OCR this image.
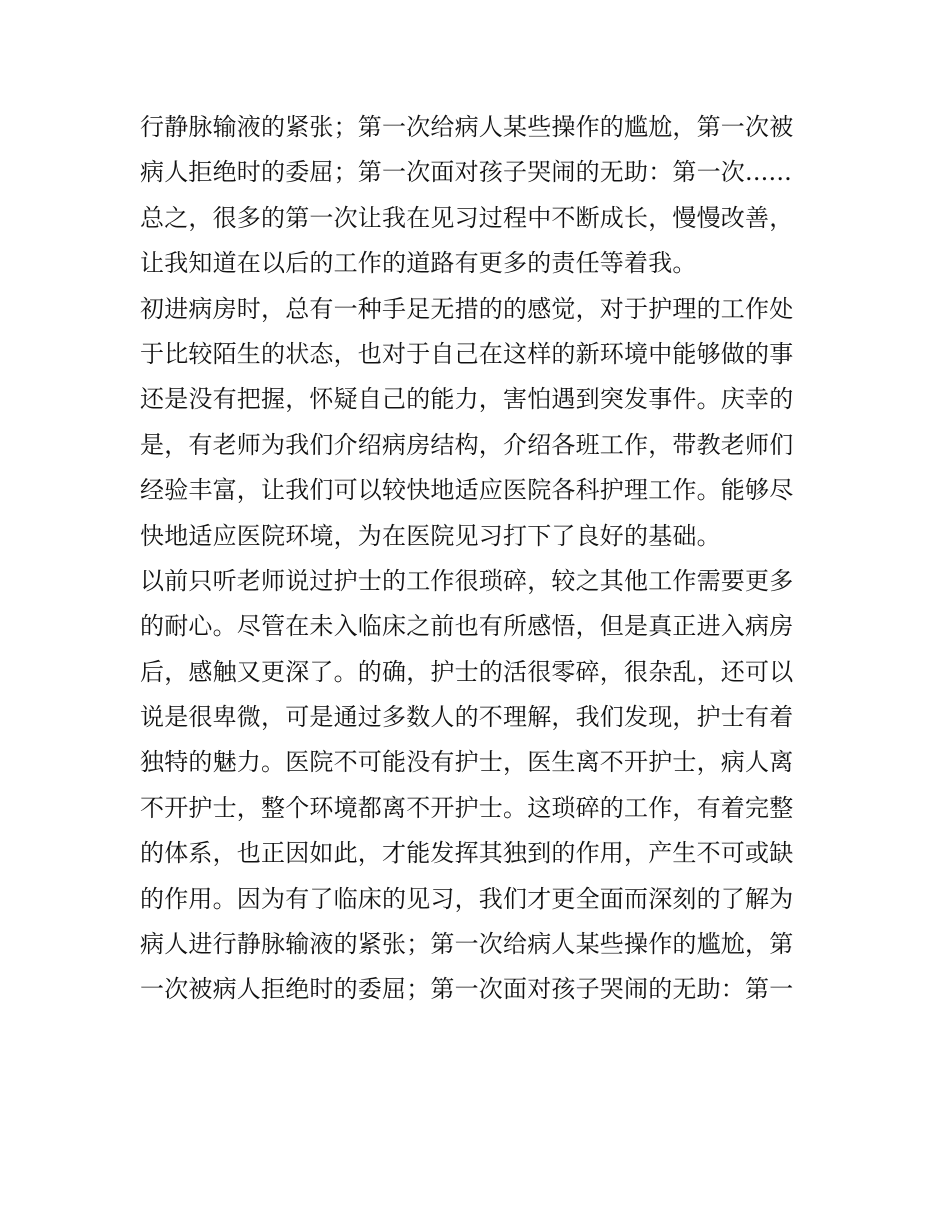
行静脉输液的紧张；第一次给病人某些操作的尴尬，第一次被
病人拒绝时的委屈；第一次面对孩子哭闹的无助：第一次......
总之，很多的第一次让我在见习过程中不断成长，慢慢改善，
让我知道在以后的工作的道路有更多的责任等着我。
初进病房时，总有一种手足无措的的感觉，对于护理的工作处
于比较陌生的状态，也对于自己在这样的新环境中能够做的事
还是没有把握，怀疑自己的能力，害怕遇到突发事件。庆幸的
是，有老师为我们介绍病房结构，介绍各班工作，带教老师们
经验丰富，让我们可以较快地适应医院各科护理工作。能够尽
快地适应医院环境，为在医院见习打下了良好的基础。
以前只听老师说过护士的工作很琐碎，较之其他工作需要更多
的耐心。尽管在未入临床之前也有所感悟，但是真正进入病房
后，感触又更深了。的确，护士的活很零碎，很杂乱，还可以
说是很卑微，可是通过多数人的不理解，我们发现，护士有着
独特的魅力。医院不可能没有护士，医生离不开护士，病人离
不开护士，整个环境都离不开护士。这琐碎的工作，有着完整
的体系，也正因如此，才能发挥其独到的作用，产生不可或缺
的作用。因为有了临床的见习，我们才更全面而深刻的了解为
病人进行静脉输液的紧张；第一次给病人某些操作的尴尬，第
一次被病人拒绝时的委屈；第一次面对孩子哭闹的无助：第一
